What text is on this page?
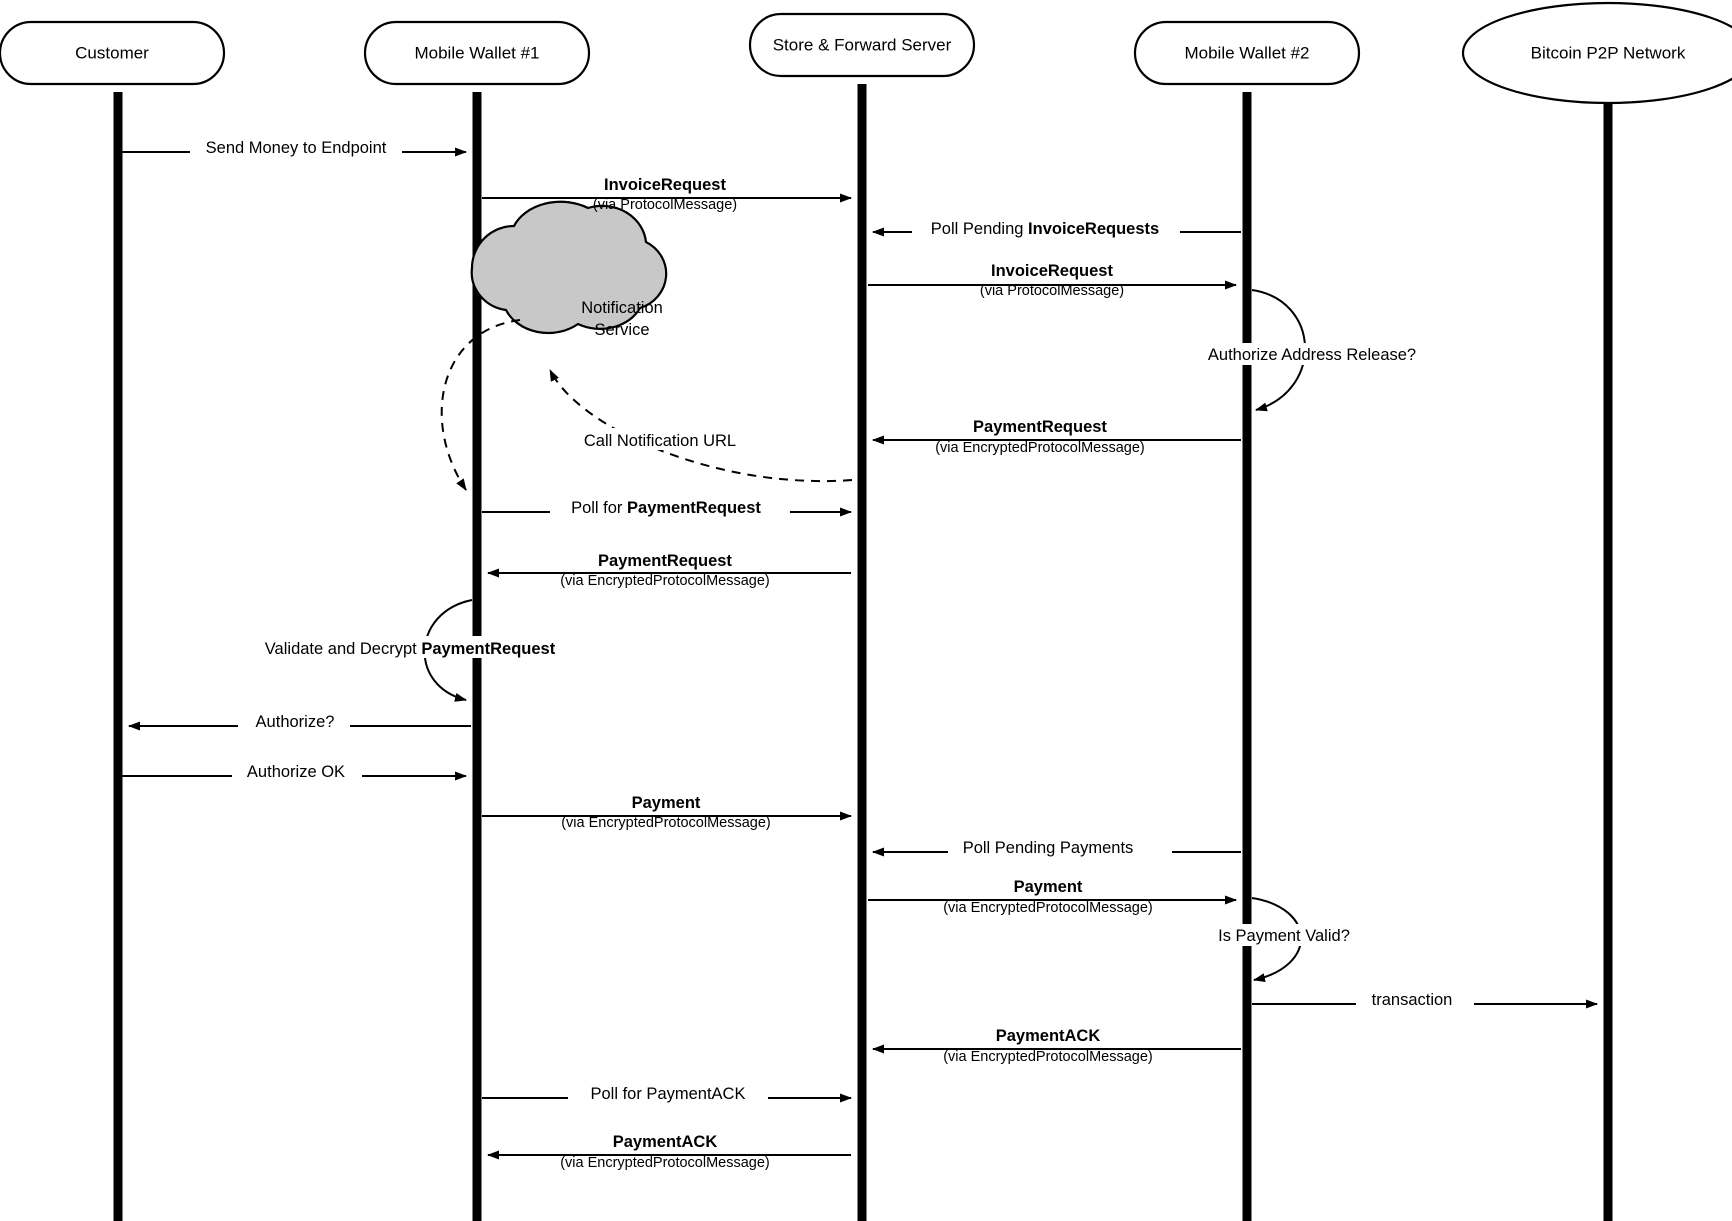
Customer	Mobile Wallet #1	Store & Forward Server	Mobile Wallet #2	Bitcoin P2P Network
Notification
Service
Send Money to Endpoint
InvoiceRequest
(via ProtocolMessage)
Poll Pending InvoiceRequests
InvoiceRequest
(via ProtocolMessage)
Authorize Address Release?
PaymentRequest
(via EncryptedProtocolMessage)
Call Notification URL
Poll for PaymentRequest
PaymentRequest
(via EncryptedProtocolMessage)
Validate and Decrypt PaymentRequest
Authorize?
Authorize OK
Payment
(via EncryptedProtocolMessage)
Poll Pending Payments
Payment
(via EncryptedProtocolMessage)
Is Payment Valid?
transaction
PaymentACK
(via EncryptedProtocolMessage)
Poll for PaymentACK
PaymentACK
(via EncryptedProtocolMessage)
